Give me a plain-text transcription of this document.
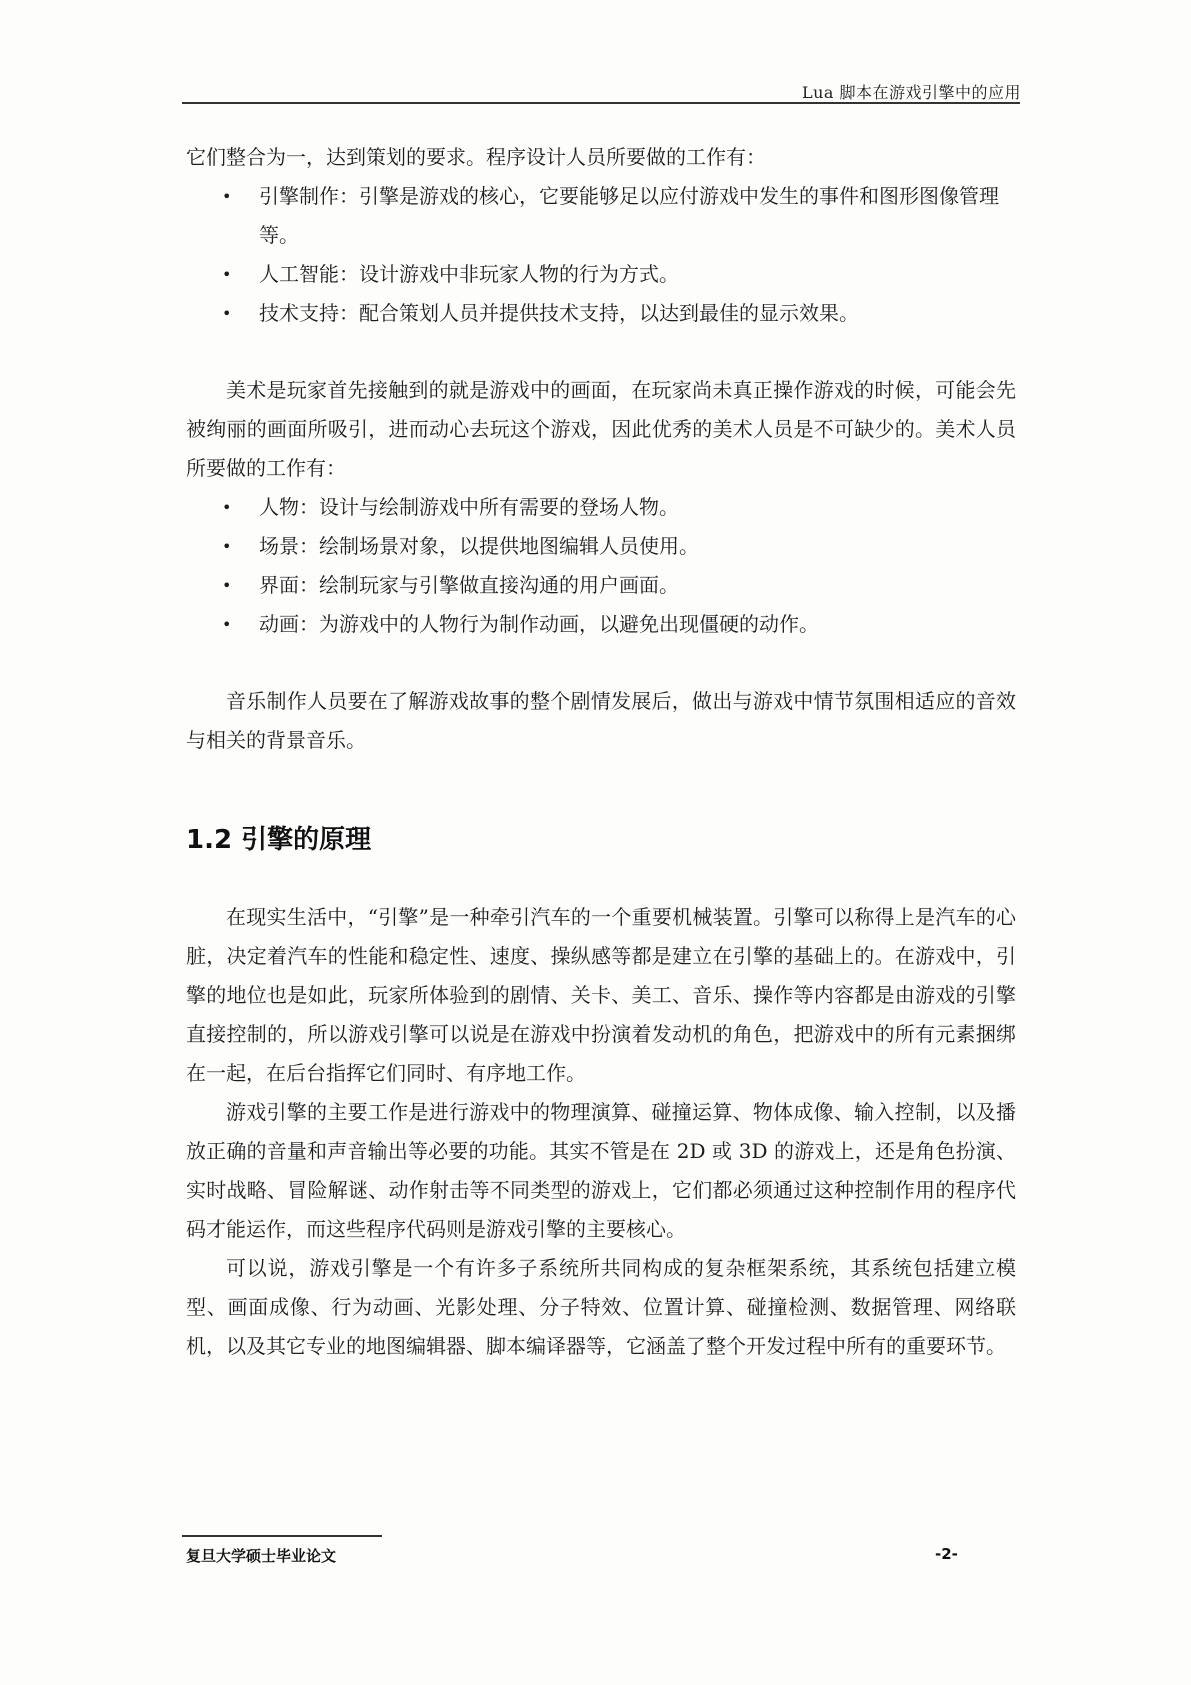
Lua 脚本在游戏引擎中的应用

它们整合为一，达到策划的要求。程序设计人员所要做的工作有：

• 引擎制作：引擎是游戏的核心，它要能够足以应付游戏中发生的事件和图形图像管理等。
• 人工智能：设计游戏中非玩家人物的行为方式。
• 技术支持：配合策划人员并提供技术支持，以达到最佳的显示效果。

美术是玩家首先接触到的就是游戏中的画面，在玩家尚未真正操作游戏的时候，可能会先被绚丽的画面所吸引，进而动心去玩这个游戏，因此优秀的美术人员是不可缺少的。美术人员所要做的工作有：

• 人物：设计与绘制游戏中所有需要的登场人物。
• 场景：绘制场景对象，以提供地图编辑人员使用。
• 界面：绘制玩家与引擎做直接沟通的用户画面。
• 动画：为游戏中的人物行为制作动画，以避免出现僵硬的动作。

音乐制作人员要在了解游戏故事的整个剧情发展后，做出与游戏中情节氛围相适应的音效与相关的背景音乐。

1.2 引擎的原理

在现实生活中，“引擎”是一种牵引汽车的一个重要机械装置。引擎可以称得上是汽车的心脏，决定着汽车的性能和稳定性、速度、操纵感等都是建立在引擎的基础上的。在游戏中，引擎的地位也是如此，玩家所体验到的剧情、关卡、美工、音乐、操作等内容都是由游戏的引擎直接控制的，所以游戏引擎可以说是在游戏中扮演着发动机的角色，把游戏中的所有元素捆绑在一起，在后台指挥它们同时、有序地工作。

游戏引擎的主要工作是进行游戏中的物理演算、碰撞运算、物体成像、输入控制，以及播放正确的音量和声音输出等必要的功能。其实不管是在 2D 或 3D 的游戏上，还是角色扮演、实时战略、冒险解谜、动作射击等不同类型的游戏上，它们都必须通过这种控制作用的程序代码才能运作，而这些程序代码则是游戏引擎的主要核心。

可以说，游戏引擎是一个有许多子系统所共同构成的复杂框架系统，其系统包括建立模型、画面成像、行为动画、光影处理、分子特效、位置计算、碰撞检测、数据管理、网络联机，以及其它专业的地图编辑器、脚本编译器等，它涵盖了整个开发过程中所有的重要环节。

复旦大学硕士毕业论文	-2-
